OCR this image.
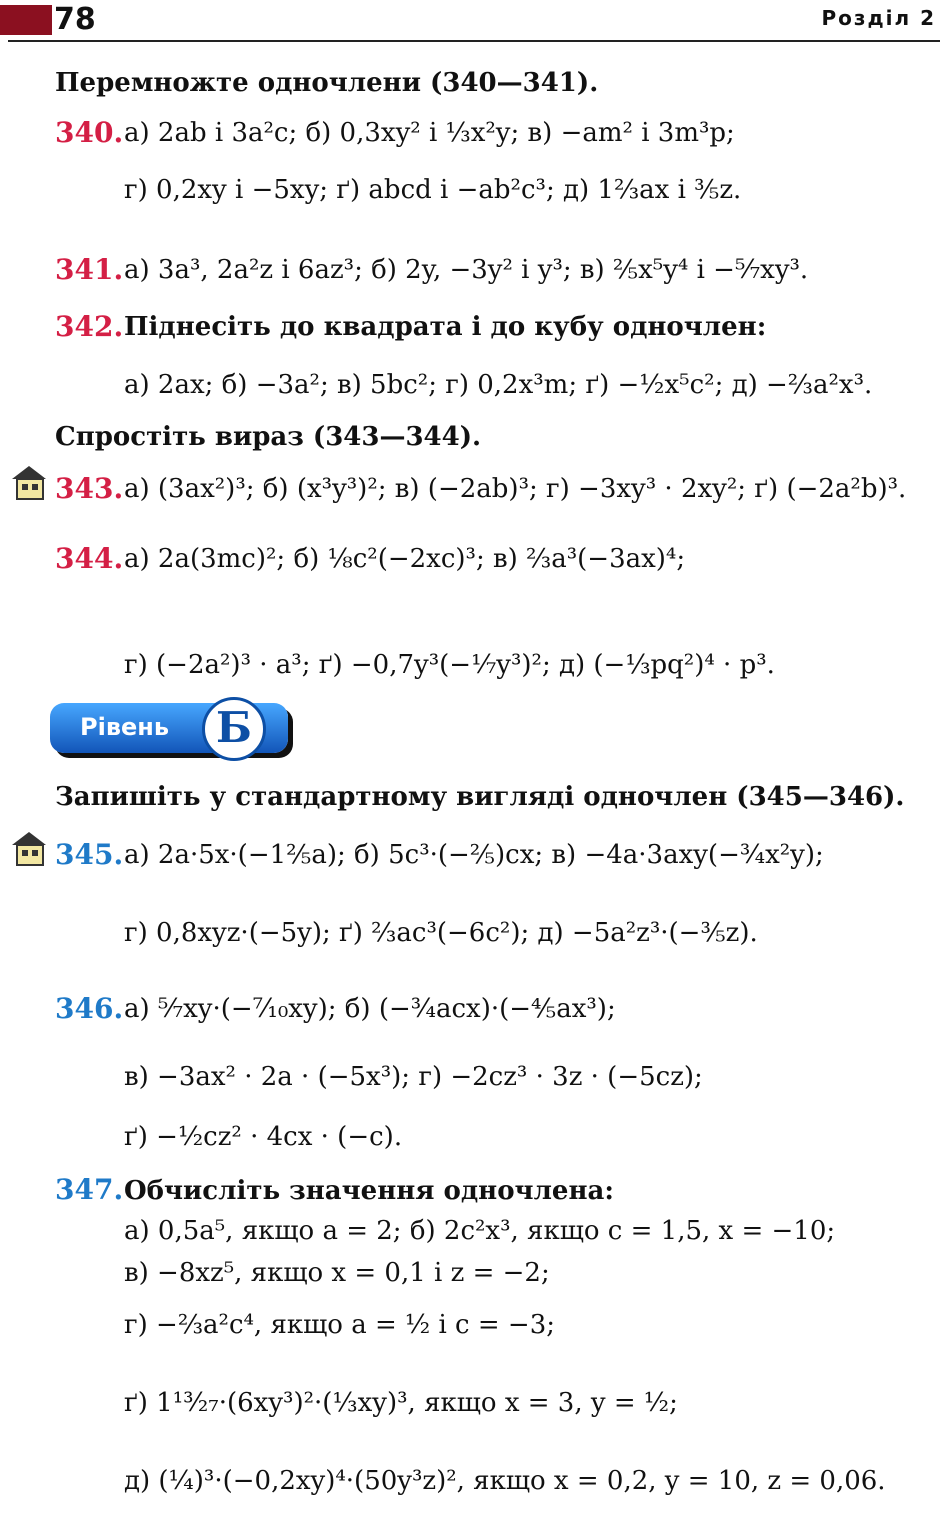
78	Розділ 2
Перемножте одночлени (340—341).
340. а) 2ab і 3a²c; б) 0,3xy² і ⅓x²y; в) −am² і 3m³p;
г) 0,2xy і −5xy; ґ) abcd і −ab²c³; д) 1⅔ax і ⅗z.
341. а) 3a³, 2a²z і 6az³; б) 2y, −3y² і y³; в) ⅖x⁵y⁴ і −⁵⁄₇xy³.
342. Піднесіть до квадрата і до кубу одночлен:
а) 2ax; б) −3a²; в) 5bc²; г) 0,2x³m; ґ) −½x⁵c²; д) −⅔a²x³.
Спростіть вираз (343—344).
343. а) (3ax²)³; б) (x³y³)²; в) (−2ab)³; г) −3xy³ · 2xy²; ґ) (−2a²b)³.
344. а) 2a(3mc)²; б) ⅛c²(−2xc)³; в) ⅔a³(−3ax)⁴;
г) (−2a²)³ · a³; ґ) −0,7y³(−⅐y³)²; д) (−⅓pq²)⁴ · p³.
Рівень	Б
Запишіть у стандартному вигляді одночлен (345—346).
345. а) 2a·5x·(−1⅖a); б) 5c³·(−⅖)cx; в) −4a·3axy(−¾x²y);
г) 0,8xyz·(−5y); ґ) ⅔ac³(−6c²); д) −5a²z³·(−⅗z).
346. а) ⁵⁄₇xy·(−⁷⁄₁₀xy); б) (−¾acx)·(−⅘ax³);
в) −3ax² · 2a · (−5x³); г) −2cz³ · 3z · (−5cz);
ґ) −½cz² · 4cx · (−c).
347. Обчисліть значення одночлена:
а) 0,5a⁵, якщо a = 2; б) 2c²x³, якщо c = 1,5, x = −10;
в) −8xz⁵, якщо x = 0,1 і z = −2;
г) −⅔a²c⁴, якщо a = ½ і c = −3;
ґ) 1¹³⁄₂₇·(6xy³)²·(⅓xy)³, якщо x = 3, y = ½;
д) (¼)³·(−0,2xy)⁴·(50y³z)², якщо x = 0,2, y = 10, z = 0,06.
